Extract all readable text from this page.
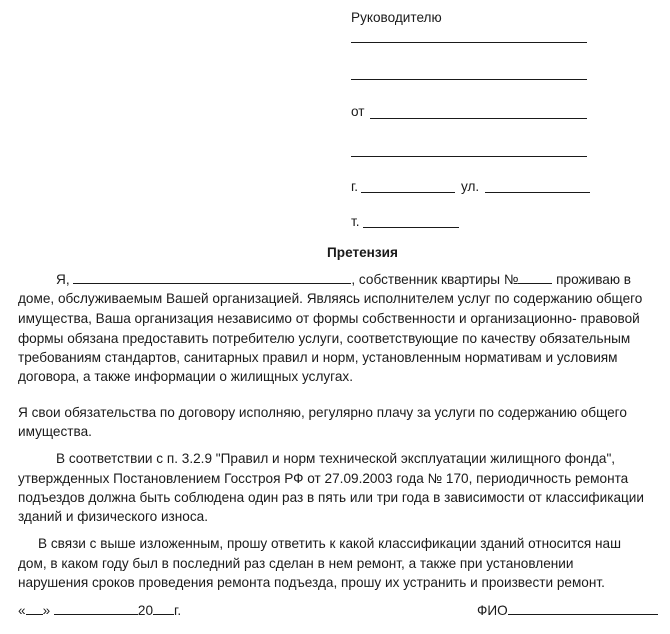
Руководителю
от
г.	ул.
т.
Претензия
Я,	, собственник квартиры №	проживаю в
доме, обслуживаемым Вашей организацией. Являясь исполнителем услуг по содержанию общего
имущества, Ваша организация независимо от формы собственности и организационно- правовой
формы обязана предоставить потребителю услуги, соответствующие по качеству обязательным
требованиям стандартов, санитарных правил и норм, установленным нормативам и условиям
договора, а также информации о жилищных услугах.
Я свои обязательства по договору исполняю, регулярно плачу за услуги по содержанию общего
имущества.
В соответствии с п. 3.2.9 "Правил и норм технической эксплуатации жилищного фонда",
утвержденных Постановлением Госстроя РФ от 27.09.2003 года № 170, периодичность ремонта
подъездов должна быть соблюдена один раз в пять или три года в зависимости от классификации
зданий и физического износа.
В связи с выше изложенным, прошу ответить к какой классификации зданий относится наш
дом, в каком году был в последний раз сделан в нем ремонт, а также при установлении
нарушения сроков проведения ремонта подъезда, прошу их устранить и произвести ремонт.
« »	20 г.	ФИО
